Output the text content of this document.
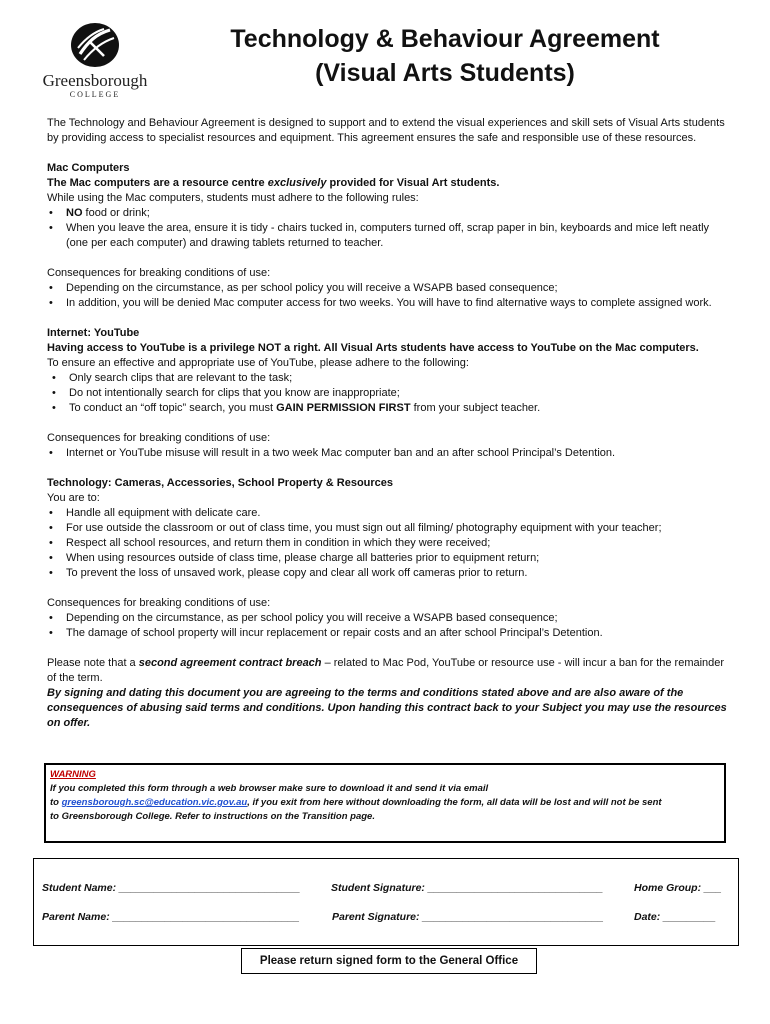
Greensborough
COLLEGE
Technology & Behaviour Agreement
(Visual Arts Students)

The Technology and Behaviour Agreement is designed to support and to extend the visual experiences and skill sets of Visual Arts students by providing access to specialist resources and equipment. This agreement ensures the safe and responsible use of these resources.

Mac Computers
The Mac computers are a resource centre exclusively provided for Visual Art students.
While using the Mac computers, students must adhere to the following rules:
• NO food or drink;
• When you leave the area, ensure it is tidy - chairs tucked in, computers turned off, scrap paper in bin, keyboards and mice left neatly (one per each computer) and drawing tablets returned to teacher.
Consequences for breaking conditions of use:
• Depending on the circumstance, as per school policy you will receive a WSAPB based consequence;
• In addition, you will be denied Mac computer access for two weeks. You will have to find alternative ways to complete assigned work.
Internet: YouTube
Having access to YouTube is a privilege NOT a right. All Visual Arts students have access to YouTube on the Mac computers.
To ensure an effective and appropriate use of YouTube, please adhere to the following:
• Only search clips that are relevant to the task;
• Do not intentionally search for clips that you know are inappropriate;
• To conduct an “off topic” search, you must GAIN PERMISSION FIRST from your subject teacher.
Consequences for breaking conditions of use:
• Internet or YouTube misuse will result in a two week Mac computer ban and an after school Principal’s Detention.
Technology: Cameras, Accessories, School Property & Resources
You are to:
• Handle all equipment with delicate care.
• For use outside the classroom or out of class time, you must sign out all filming/ photography equipment with your teacher;
• Respect all school resources, and return them in condition in which they were received;
• When using resources outside of class time, please charge all batteries prior to equipment return;
• To prevent the loss of unsaved work, please copy and clear all work off cameras prior to return.
Consequences for breaking conditions of use:
• Depending on the circumstance, as per school policy you will receive a WSAPB based consequence;
• The damage of school property will incur replacement or repair costs and an after school Principal’s Detention.

Please note that a second agreement contract breach – related to Mac Pod, YouTube or resource use - will incur a ban for the remainder of the term.

By signing and dating this document you are agreeing to the terms and conditions stated above and are also aware of the consequences of abusing said terms and conditions. Upon handing this contract back to your Subject you may use the resources on offer.

WARNING
If you completed this form through a web browser make sure to download it and send it via email
to greensborough.sc@education.vic.gov.au, if you exit from here without downloading the form, all data will be lost and will not be sent
to Greensborough College. Refer to instructions on the Transition page.
Student Name: _______________________________	Student Signature: ______________________________	Home Group: ___
Parent Name: ________________________________	Parent Signature: _______________________________	Date: _________
Please return signed form to the General Office
